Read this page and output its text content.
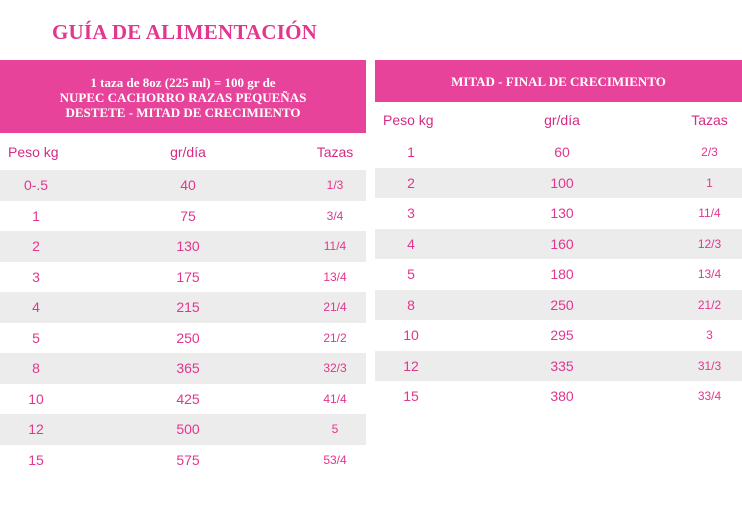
GUÍA DE ALIMENTACIÓN
1 taza de 8oz (225 ml) = 100 gr de
NUPEC CACHORRO RAZAS PEQUEÑAS
DESTETE - MITAD DE CRECIMIENTO
Peso kg	gr/día	Tazas
0-.5	40	1/3
1	75	3/4
2	130	11/4
3	175	13/4
4	215	21/4
5	250	21/2
8	365	32/3
10	425	41/4
12	500	5
15	575	53/4
MITAD - FINAL DE CRECIMIENTO
Peso kg	gr/día	Tazas
1	60	2/3
2	100	1
3	130	11/4
4	160	12/3
5	180	13/4
8	250	21/2
10	295	3
12	335	31/3
15	380	33/4
